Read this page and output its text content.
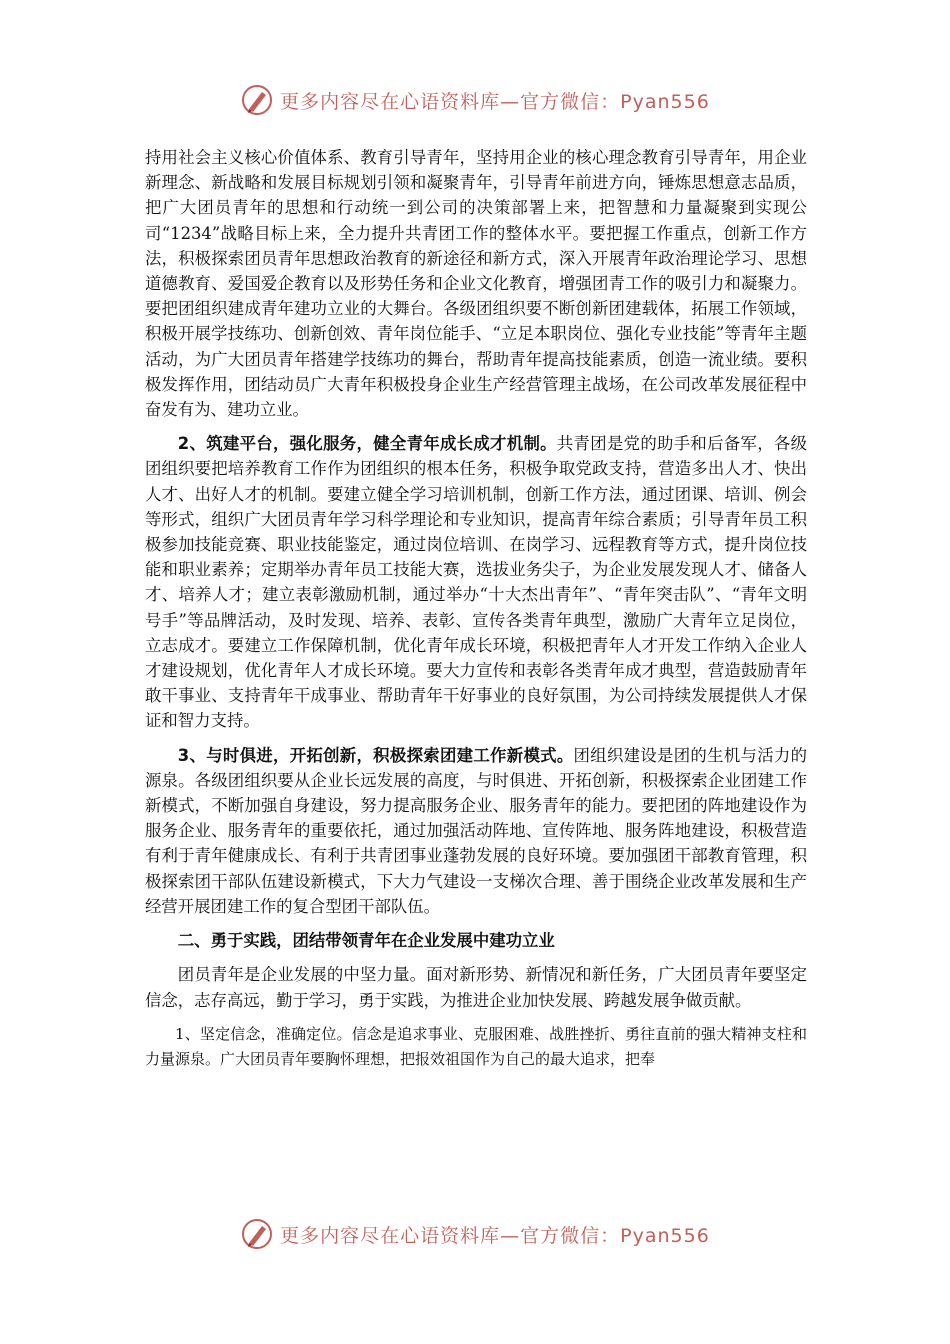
更多内容尽在心语资料库—官方微信：Pyan556

持用社会主义核心价值体系、教育引导青年，坚持用企业的核心理念教育引导青年，用企业新理念、新战略和发展目标规划引领和凝聚青年，引导青年前进方向，锤炼思想意志品质，把广大团员青年的思想和行动统一到公司的决策部署上来，把智慧和力量凝聚到实现公司“1234”战略目标上来，全力提升共青团工作的整体水平。要把握工作重点，创新工作方法，积极探索团员青年思想政治教育的新途径和新方式，深入开展青年政治理论学习、思想道德教育、爱国爱企教育以及形势任务和企业文化教育，增强团青工作的吸引力和凝聚力。要把团组织建成青年建功立业的大舞台。各级团组织要不断创新团建载体，拓展工作领域，积极开展学技练功、创新创效、青年岗位能手、“立足本职岗位、强化专业技能”等青年主题活动，为广大团员青年搭建学技练功的舞台，帮助青年提高技能素质，创造一流业绩。要积极发挥作用，团结动员广大青年积极投身企业生产经营管理主战场，在公司改革发展征程中奋发有为、建功立业。

2、筑建平台，强化服务，健全青年成长成才机制。共青团是党的助手和后备军，各级团组织要把培养教育工作作为团组织的根本任务，积极争取党政支持，营造多出人才、快出人才、出好人才的机制。要建立健全学习培训机制，创新工作方法，通过团课、培训、例会等形式，组织广大团员青年学习科学理论和专业知识，提高青年综合素质；引导青年员工积极参加技能竞赛、职业技能鉴定，通过岗位培训、在岗学习、远程教育等方式，提升岗位技能和职业素养；定期举办青年员工技能大赛，选拔业务尖子，为企业发展发现人才、储备人才、培养人才；建立表彰激励机制，通过举办“十大杰出青年”、“青年突击队”、“青年文明号手”等品牌活动，及时发现、培养、表彰、宣传各类青年典型，激励广大青年立足岗位，立志成才。要建立工作保障机制，优化青年成长环境，积极把青年人才开发工作纳入企业人才建设规划，优化青年人才成长环境。要大力宣传和表彰各类青年成才典型，营造鼓励青年敢干事业、支持青年干成事业、帮助青年干好事业的良好氛围，为公司持续发展提供人才保证和智力支持。

3、与时俱进，开拓创新，积极探索团建工作新模式。团组织建设是团的生机与活力的源泉。各级团组织要从企业长远发展的高度，与时俱进、开拓创新，积极探索企业团建工作新模式，不断加强自身建设，努力提高服务企业、服务青年的能力。要把团的阵地建设作为服务企业、服务青年的重要依托，通过加强活动阵地、宣传阵地、服务阵地建设，积极营造有利于青年健康成长、有利于共青团事业蓬勃发展的良好环境。要加强团干部教育管理，积极探索团干部队伍建设新模式，下大力气建设一支梯次合理、善于围绕企业改革发展和生产经营开展团建工作的复合型团干部队伍。

二、勇于实践，团结带领青年在企业发展中建功立业

团员青年是企业发展的中坚力量。面对新形势、新情况和新任务，广大团员青年要坚定信念，志存高远，勤于学习，勇于实践，为推进企业加快发展、跨越发展争做贡献。

1、坚定信念，准确定位。信念是追求事业、克服困难、战胜挫折、勇往直前的强大精神支柱和力量源泉。广大团员青年要胸怀理想，把报效祖国作为自己的最大追求，把奉

更多内容尽在心语资料库—官方微信：Pyan556
